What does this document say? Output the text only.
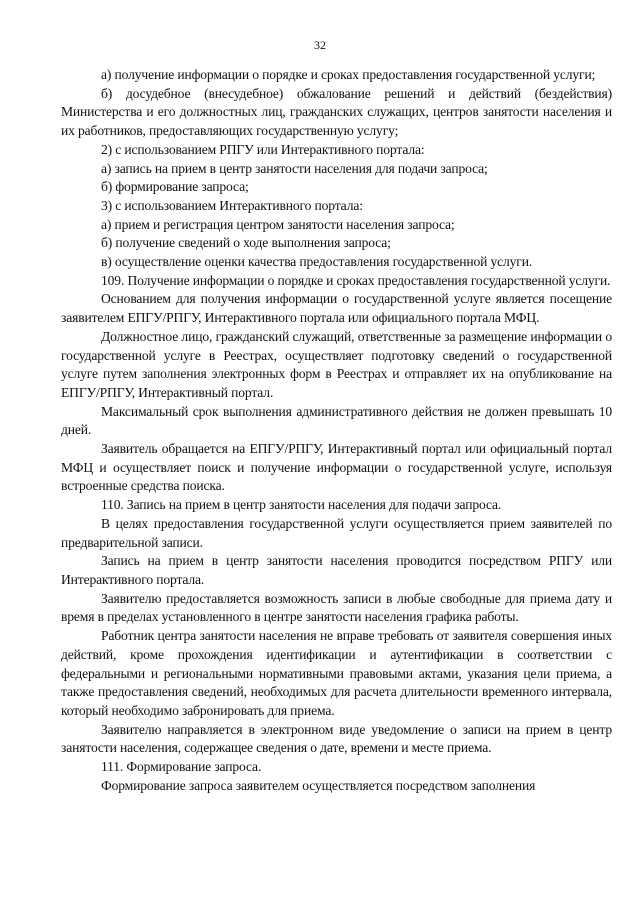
32

а) получение информации о порядке и сроках предоставления государственной услуги;

б) досудебное (внесудебное) обжалование решений и действий (бездействия) Министерства и его должностных лиц, гражданских служащих, центров занятости населения и их работников, предоставляющих государственную услугу;

2) с использованием РПГУ или Интерактивного портала:

а) запись на прием в центр занятости населения для подачи запроса;

б) формирование запроса;

3) с использованием Интерактивного портала:

а) прием и регистрация центром занятости населения запроса;

б) получение сведений о ходе выполнения запроса;

в) осуществление оценки качества предоставления государственной услуги.

109. Получение информации о порядке и сроках предоставления государственной услуги.

Основанием для получения информации о государственной услуге является посещение заявителем ЕПГУ/РПГУ, Интерактивного портала или официального портала МФЦ.

Должностное лицо, гражданский служащий, ответственные за размещение информации о государственной услуге в Реестрах, осуществляет подготовку сведений о государственной услуге путем заполнения электронных форм в Реестрах и отправляет их на опубликование на ЕПГУ/РПГУ, Интерактивный портал.

Максимальный срок выполнения административного действия не должен превышать 10 дней.

Заявитель обращается на ЕПГУ/РПГУ, Интерактивный портал или официальный портал МФЦ и осуществляет поиск и получение информации о государственной услуге, используя встроенные средства поиска.

110. Запись на прием в центр занятости населения для подачи запроса.

В целях предоставления государственной услуги осуществляется прием заявителей по предварительной записи.

Запись на прием в центр занятости населения проводится посредством РПГУ или Интерактивного портала.

Заявителю предоставляется возможность записи в любые свободные для приема дату и время в пределах установленного в центре занятости населения графика работы.

Работник центра занятости населения не вправе требовать от заявителя совершения иных действий, кроме прохождения идентификации и аутентификации в соответствии с федеральными и региональными нормативными правовыми актами, указания цели приема, а также предоставления сведений, необходимых для расчета длительности временного интервала, который необходимо забронировать для приема.

Заявителю направляется в электронном виде уведомление о записи на прием в центр занятости населения, содержащее сведения о дате, времени и месте приема.

111. Формирование запроса.

Формирование запроса заявителем осуществляется посредством заполнения
